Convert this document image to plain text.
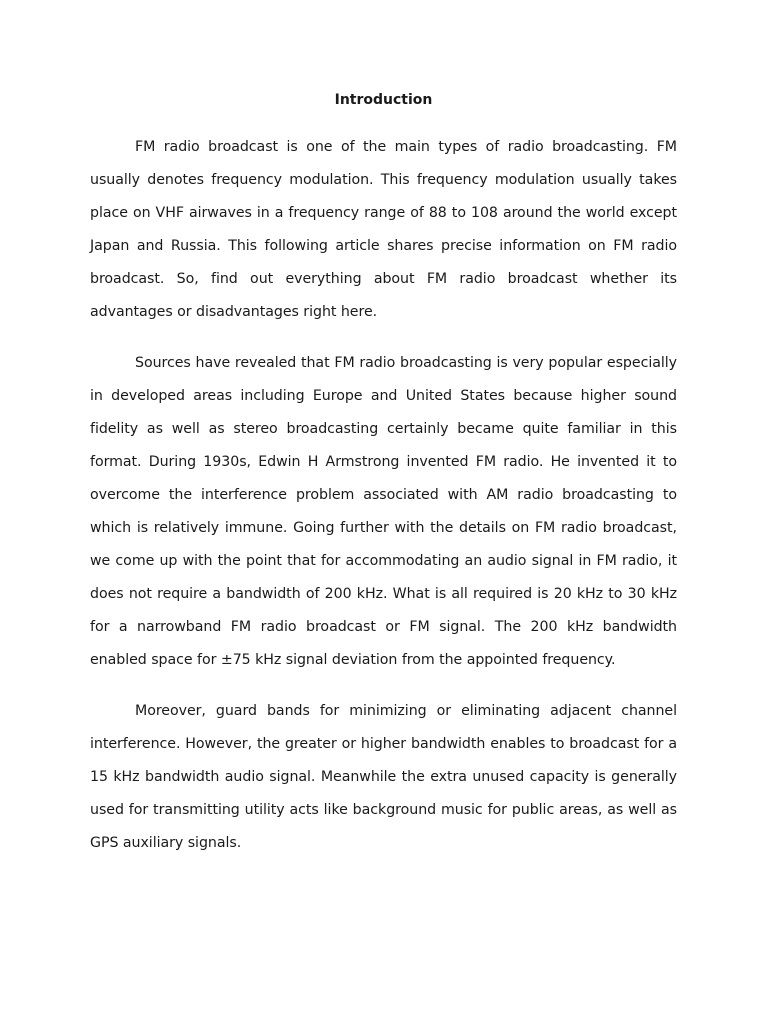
Introduction

FM radio broadcast is one of the main types of radio broadcasting. FM usually denotes frequency modulation. This frequency modulation usually takes place on VHF airwaves in a frequency range of 88 to 108 around the world except Japan and Russia. This following article shares precise information on FM radio broadcast. So, find out everything about FM radio broadcast whether its advantages or disadvantages right here.

Sources have revealed that FM radio broadcasting is very popular especially in developed areas including Europe and United States because higher sound fidelity as well as stereo broadcasting certainly became quite familiar in this format. During 1930s, Edwin H Armstrong invented FM radio. He invented it to overcome the interference problem associated with AM radio broadcasting to which is relatively immune. Going further with the details on FM radio broadcast, we come up with the point that for accommodating an audio signal in FM radio, it does not require a bandwidth of 200 kHz. What is all required is 20 kHz to 30 kHz for a narrowband FM radio broadcast or FM signal. The 200 kHz bandwidth enabled space for ±75 kHz signal deviation from the appointed frequency.

Moreover, guard bands for minimizing or eliminating adjacent channel interference. However, the greater or higher bandwidth enables to broadcast for a 15 kHz bandwidth audio signal. Meanwhile the extra unused capacity is generally used for transmitting utility acts like background music for public areas, as well as GPS auxiliary signals.
